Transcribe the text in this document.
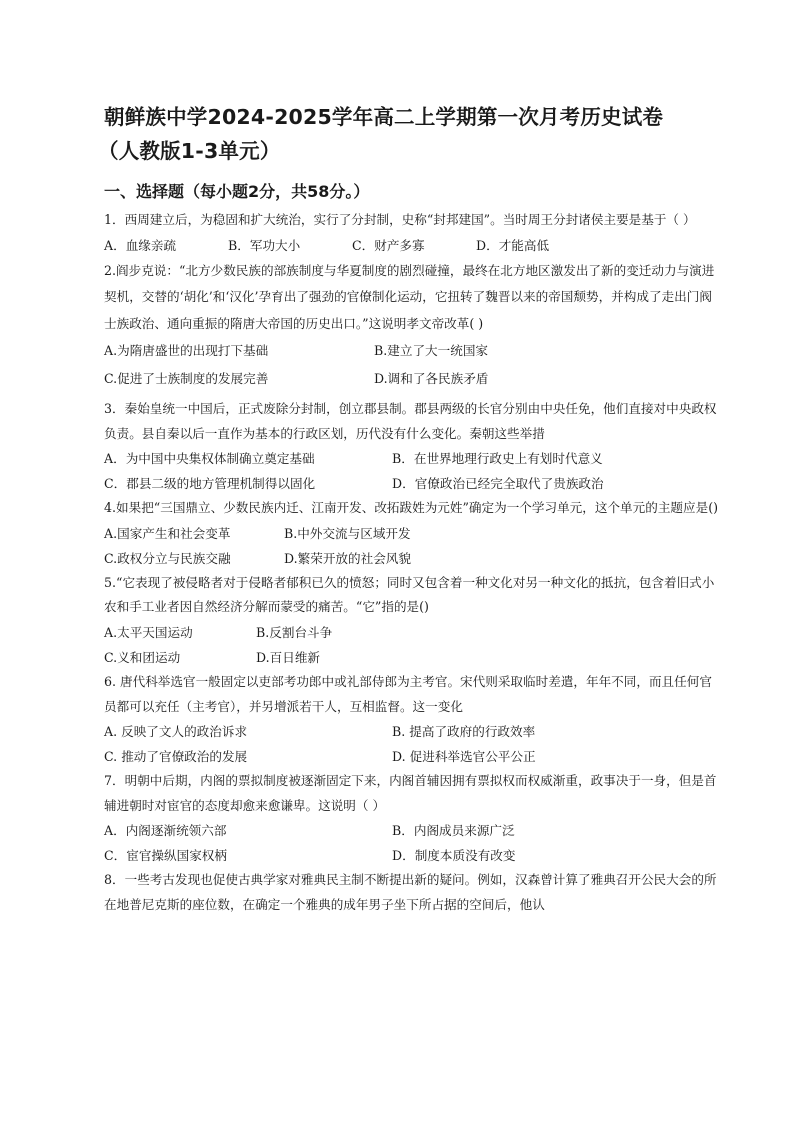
朝鲜族中学2024-2025学年高二上学期第一次月考历史试卷
（人教版1-3单元）
一、选择题（每小题2分，共58分。）

1．西周建立后，为稳固和扩大统治，实行了分封制，史称“封邦建国”。当时周王分封诸侯主要是基于（ ）

A．血缘亲疏	B．军功大小	C．财产多寡	D．才能高低

2.阎步克说：“北方少数民族的部族制度与华夏制度的剧烈碰撞，最终在北方地区激发出了新的变迁动力与演进契机，交替的‘胡化’和‘汉化’孕育出了强劲的官僚制化运动，它扭转了魏晋以来的帝国颓势，并构成了走出门阀士族政治、通向重振的隋唐大帝国的历史出口。”这说明孝文帝改革( )

A.为隋唐盛世的出现打下基础	B.建立了大一统国家
C.促进了士族制度的发展完善	D.调和了各民族矛盾

3．秦始皇统一中国后，正式废除分封制，创立郡县制。郡县两级的长官分别由中央任免，他们直接对中央政权负责。县自秦以后一直作为基本的行政区划，历代没有什么变化。秦朝这些举措

A．为中国中央集权体制确立奠定基础	B．在世界地理行政史上有划时代意义
C．郡县二级的地方管理机制得以固化	D．官僚政治已经完全取代了贵族政治

4.如果把“三国鼎立、少数民族内迁、江南开发、改拓跋姓为元姓”确定为一个学习单元，这个单元的主题应是()

A.国家产生和社会变革	B.中外交流与区域开发
C.政权分立与民族交融	D.繁荣开放的社会风貌

5.“它表现了被侵略者对于侵略者郁积已久的愤怒；同时又包含着一种文化对另一种文化的抵抗，包含着旧式小农和手工业者因自然经济分解而蒙受的痛苦。“它”指的是()

A.太平天国运动	B.反割台斗争
C.义和团运动	D.百日维新

6. 唐代科举选官一般固定以吏部考功郎中或礼部侍郎为主考官。宋代则采取临时差遣，年年不同，而且任何官员都可以充任（主考官），并另增派若干人，互相监督。这一变化

A. 反映了文人的政治诉求	B. 提高了政府的行政效率
C. 推动了官僚政治的发展	D. 促进科举选官公平公正

7．明朝中后期，内阁的票拟制度被逐渐固定下来，内阁首辅因拥有票拟权而权威渐重，政事决于一身，但是首辅进朝时对宦官的态度却愈来愈谦卑。这说明（ ）

A．内阁逐渐统领六部	B．内阁成员来源广泛
C．宦官操纵国家权柄	D．制度本质没有改变

8．一些考古发现也促使古典学家对雅典民主制不断提出新的疑问。例如，汉森曾计算了雅典召开公民大会的所在地普尼克斯的座位数，在确定一个雅典的成年男子坐下所占据的空间后，他认
